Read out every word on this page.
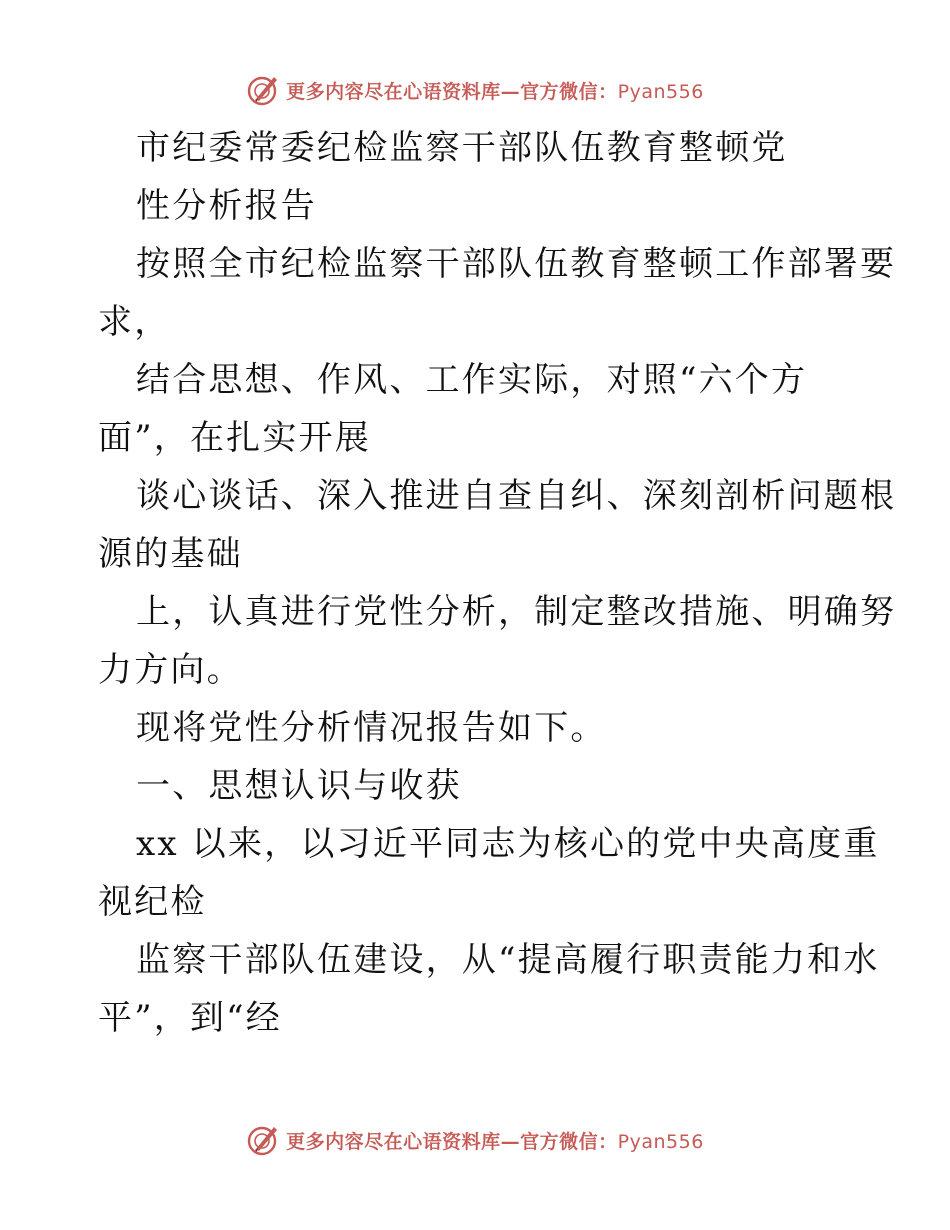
更多内容尽在心语资料库—官方微信：Pyan556
市纪委常委纪检监察干部队伍教育整顿党
性分析报告
按照全市纪检监察干部队伍教育整顿工作部署要
求，
结合思想、作风、工作实际，对照“六个方
面”，在扎实开展
谈心谈话、深入推进自查自纠、深刻剖析问题根
源的基础
上，认真进行党性分析，制定整改措施、明确努
力方向。
现将党性分析情况报告如下。
一、思想认识与收获
xx 以来，以习近平同志为核心的党中央高度重
视纪检
监察干部队伍建设，从“提高履行职责能力和水
平”，到“经
更多内容尽在心语资料库—官方微信：Pyan556
